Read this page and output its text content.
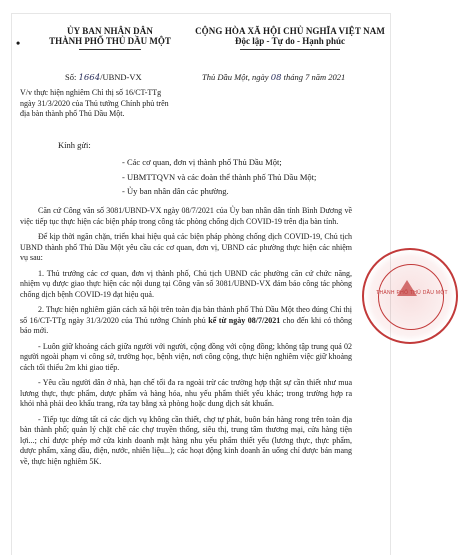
•
ỦY BAN NHÂN DÂN
THÀNH PHỐ THỦ DẦU MỘT
CỘNG HÒA XÃ HỘI CHỦ NGHĨA VIỆT NAM
Độc lập - Tự do - Hạnh phúc
Số: 1664/UBND-VX	Thủ Dầu Một, ngày 08 tháng 7 năm 2021
V/v thực hiện nghiêm Chỉ thị số 16/CT-TTg ngày 31/3/2020 của Thủ tướng Chính phủ trên địa bàn thành phố Thủ Dầu Một.
Kính gửi:
- Các cơ quan, đơn vị thành phố Thủ Dầu Một;
- UBMTTQVN và các đoàn thể thành phố Thủ Dầu Một;
- Ủy ban nhân dân các phường.

Căn cứ Công văn số 3081/UBND-VX ngày 08/7/2021 của Ủy ban nhân dân tỉnh Bình Dương về việc tiếp tục thực hiện các biện pháp trong công tác phòng chống dịch COVID-19 trên địa bàn tỉnh.

Để kịp thời ngăn chặn, triển khai hiệu quả các biện pháp phòng chống dịch COVID-19, Chủ tịch UBND thành phố Thủ Dầu Một yêu cầu các cơ quan, đơn vị, UBND các phường thực hiện các nhiệm vụ sau:

1. Thủ trưởng các cơ quan, đơn vị thành phố, Chủ tịch UBND các phường căn cứ chức năng, nhiệm vụ được giao thực hiện các nội dung tại Công văn số 3081/UBND-VX đảm bảo công tác phòng chống dịch bệnh COVID-19 đạt hiệu quả.

2. Thực hiện nghiêm giãn cách xã hội trên toàn địa bàn thành phố Thủ Dầu Một theo đúng Chỉ thị số 16/CT-TTg ngày 31/3/2020 của Thủ tướng Chính phủ kể từ ngày 08/7/2021 cho đến khi có thông báo mới.

- Luôn giữ khoảng cách giữa người với người, cộng đồng với cộng đồng; không tập trung quá 02 người ngoài phạm vi công sở, trường học, bệnh viện, nơi công cộng, thực hiện nghiêm việc giữ khoảng cách tối thiểu 2m khi giao tiếp.

- Yêu cầu người dân ở nhà, hạn chế tối đa ra ngoài trừ các trường hợp thật sự cần thiết như mua lương thực, thực phẩm, dược phẩm và hàng hóa, nhu yếu phẩm thiết yếu khác; trong trường hợp ra khỏi nhà phải deo khẩu trang, rửa tay bằng xà phòng hoặc dung dịch sát khuẩn.

- Tiếp tục dừng tất cả các dịch vụ không cần thiết, chợ tự phát, buôn bán hàng rong trên toàn địa bàn thành phố; quản lý chặt chẽ các chợ truyền thống, siêu thị, trung tâm thương mại, cửa hàng tiện lợi...; chỉ được phép mở cửa kinh doanh mặt hàng nhu yếu phẩm thiết yếu (lương thực, thực phẩm, dược phẩm, xăng dầu, điện, nước, nhiên liệu...); các hoạt động kinh doanh ăn uống chỉ được bán mang về, thực hiện nghiêm 5K.

THÀNH PHỐ THỦ DẦU MỘT
